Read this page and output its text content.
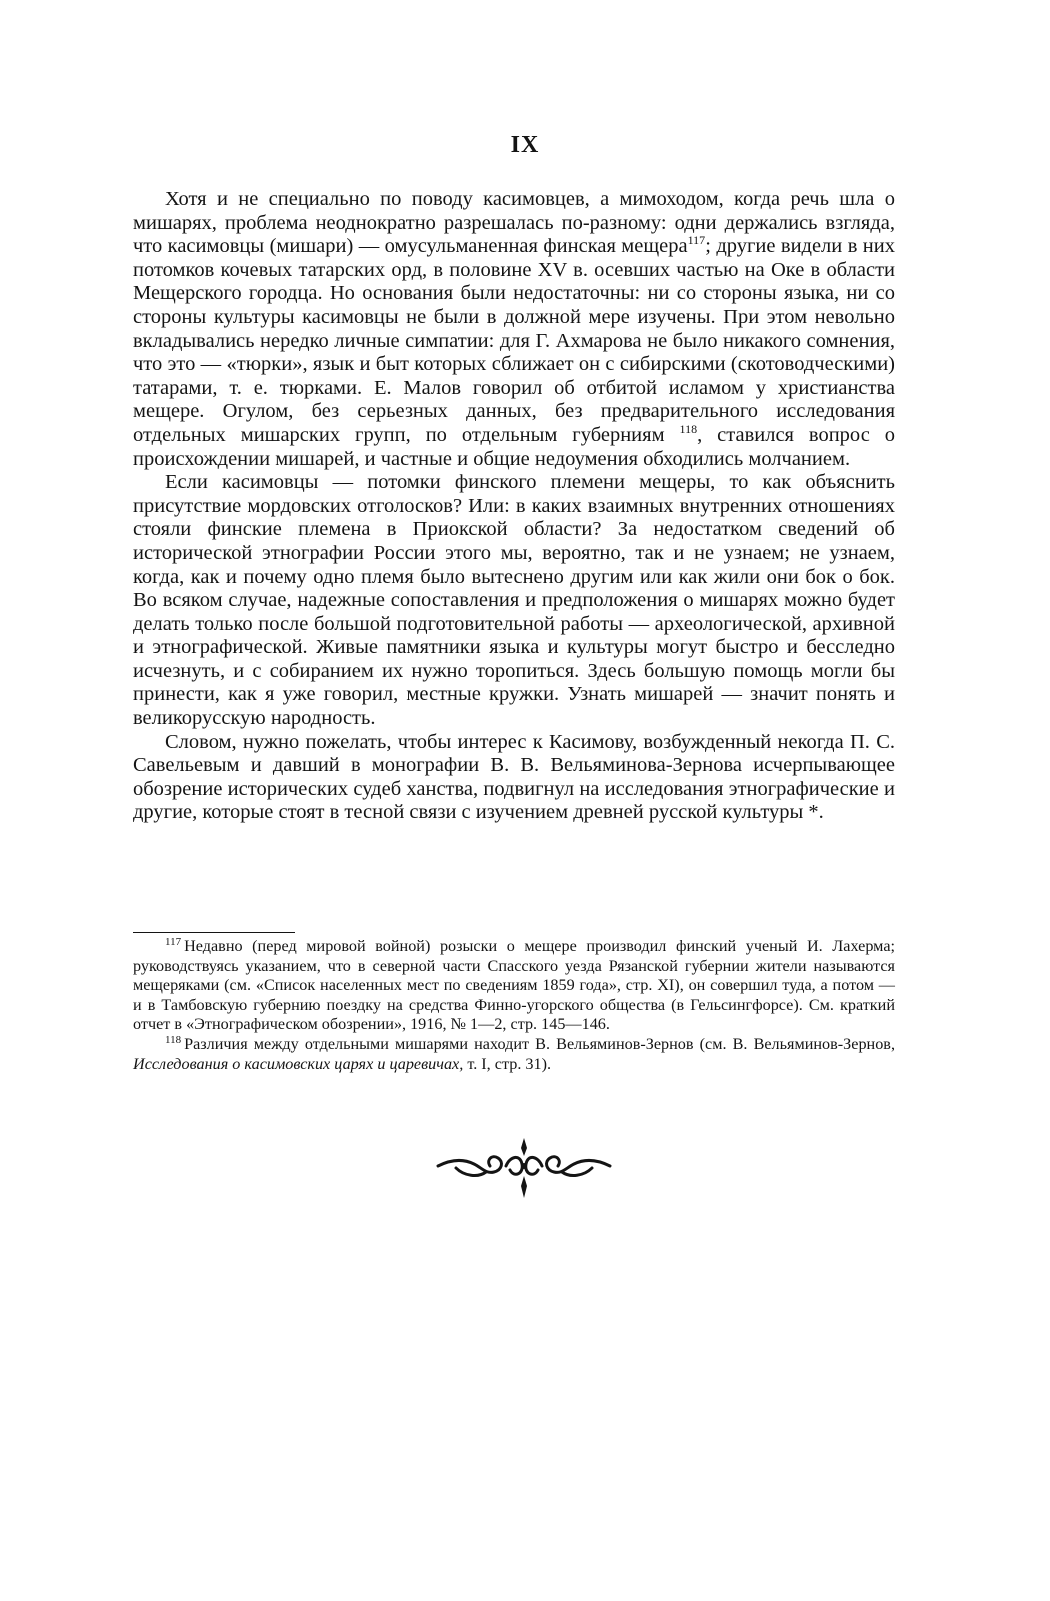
IX

Хотя и не специально по поводу касимовцев, а мимоходом, когда речь шла о мишарях, проблема неоднократно разрешалась по-разному: одни держались взгляда, что касимовцы (мишари) — омусульманенная финская мещера$^{117}$; другие видели в них потомков кочевых татарских орд, в половине XV в. осевших частью на Оке в области Мещерского городца. Но основания были недостаточны: ни со стороны языка, ни со стороны культуры касимовцы не были в должной мере изучены. При этом невольно вкладывались нередко личные симпатии: для Г. Ахмарова не было никакого сомнения, что это — «тюрки», язык и быт которых сближает он с сибирскими (скотоводческими) татарами, т. е. тюрками. Е. Малов говорил об отбитой исламом у христианства мещере. Огулом, без серьезных данных, без предварительного исследования отдельных мишарских групп, по отдельным губерниям $^{118}$, ставился вопрос о происхождении мишарей, и частные и общие недоумения обходились молчанием.

Если касимовцы — потомки финского племени мещеры, то как объяснить присутствие мордовских отголосков? Или: в каких взаимных внутренних отношениях стояли финские племена в Приокской области? За недостатком сведений об исторической этнографии России этого мы, вероятно, так и не узнаем; не узнаем, когда, как и почему одно племя было вытеснено другим или как жили они бок о бок. Во всяком случае, надежные сопоставления и предположения о мишарях можно будет делать только после большой подготовительной работы — археологической, архивной и этнографической. Живые памятники языка и культуры могут быстро и бесследно исчезнуть, и с собиранием их нужно торопиться. Здесь большую помощь могли бы принести, как я уже говорил, местные кружки. Узнать мишарей — значит понять и великорусскую народность.

Словом, нужно пожелать, чтобы интерес к Касимову, возбужденный некогда П. С. Савельевым и давший в монографии В. В. Вельяминова-Зернова исчерпывающее обозрение исторических судеб ханства, подвигнул на исследования этнографические и другие, которые стоят в тесной связи с изучением древней русской культуры *.

$^{117}$ Недавно (перед мировой войной) розыски о мещере производил финский ученый И. Лахерма; руководствуясь указанием, что в северной части Спасского уезда Рязанской губернии жители называются мещеряками (см. «Список населенных мест по сведениям 1859 года», стр. XI), он совершил туда, а потом — и в Тамбовскую губернию поездку на средства Финно-угорского общества (в Гельсингфорсе). См. краткий отчет в «Этнографическом обозрении», 1916, № 1—2, стр. 145—146.

$^{118}$ Различия между отдельными мишарями находит В. Вельяминов-Зернов (см. В. Вельяминов-Зернов, Исследования о касимовских царях и царевичах, т. I, стр. 31).
